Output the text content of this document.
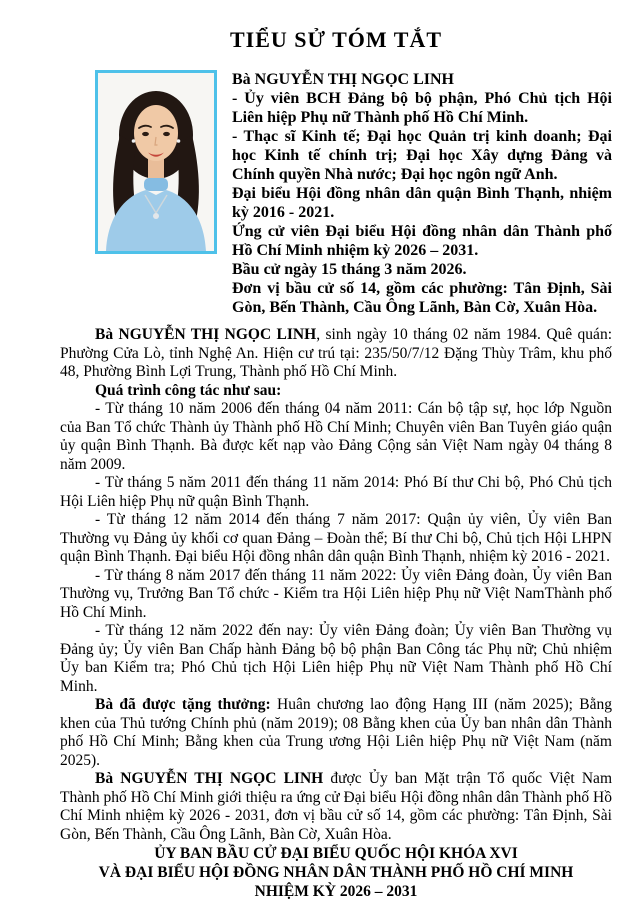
TIỂU SỬ TÓM TẮT

Bà NGUYỄN THỊ NGỌC LINH

- Ủy viên BCH Đảng bộ bộ phận, Phó Chủ tịch Hội Liên hiệp Phụ nữ Thành phố Hồ Chí Minh.

- Thạc sĩ Kinh tế; Đại học Quản trị kinh doanh; Đại học Kinh tế chính trị; Đại học Xây dựng Đảng và Chính quyền Nhà nước; Đại học ngôn ngữ Anh.

Đại biểu Hội đồng nhân dân quận Bình Thạnh, nhiệm kỳ 2016 - 2021.

Ứng cử viên Đại biểu Hội đồng nhân dân Thành phố Hồ Chí Minh nhiệm kỳ 2026 – 2031.

Bầu cử ngày 15 tháng 3 năm 2026.

Đơn vị bầu cử số 14, gồm các phường: Tân Định, Sài Gòn, Bến Thành, Cầu Ông Lãnh, Bàn Cờ, Xuân Hòa.

Bà NGUYỄN THỊ NGỌC LINH, sinh ngày 10 tháng 02 năm 1984. Quê quán: Phường Cửa Lò, tỉnh Nghệ An. Hiện cư trú tại: 235/50/7/12 Đặng Thùy Trâm, khu phố 48, Phường Bình Lợi Trung, Thành phố Hồ Chí Minh.

Quá trình công tác như sau:

- Từ tháng 10 năm 2006 đến tháng 04 năm 2011: Cán bộ tập sự, học lớp Nguồn của Ban Tổ chức Thành ủy Thành phố Hồ Chí Minh; Chuyên viên Ban Tuyên giáo quận ủy quận Bình Thạnh. Bà được kết nạp vào Đảng Cộng sản Việt Nam ngày 04 tháng 8 năm 2009.

- Từ tháng 5 năm 2011 đến tháng 11 năm 2014: Phó Bí thư Chi bộ, Phó Chủ tịch Hội Liên hiệp Phụ nữ quận Bình Thạnh.

- Từ tháng 12 năm 2014 đến tháng 7 năm 2017: Quận ủy viên, Ủy viên Ban Thường vụ Đảng ủy khối cơ quan Đảng – Đoàn thể; Bí thư Chi bộ, Chủ tịch Hội LHPN quận Bình Thạnh. Đại biểu Hội đồng nhân dân quận Bình Thạnh, nhiệm kỳ 2016 - 2021.

- Từ tháng 8 năm 2017 đến tháng 11 năm 2022: Ủy viên Đảng đoàn, Ủy viên Ban Thường vụ, Trưởng Ban Tổ chức - Kiểm tra Hội Liên hiệp Phụ nữ Việt NamThành phố Hồ Chí Minh.

- Từ tháng 12 năm 2022 đến nay: Ủy viên Đảng đoàn; Ủy viên Ban Thường vụ Đảng ủy; Ủy viên Ban Chấp hành Đảng bộ bộ phận Ban Công tác Phụ nữ; Chủ nhiệm Ủy ban Kiểm tra; Phó Chủ tịch Hội Liên hiệp Phụ nữ Việt Nam Thành phố Hồ Chí Minh.

Bà đã được tặng thưởng: Huân chương lao động Hạng III (năm 2025); Bằng khen của Thủ tướng Chính phủ (năm 2019); 08 Bằng khen của Ủy ban nhân dân Thành phố Hồ Chí Minh; Bằng khen của Trung ương Hội Liên hiệp Phụ nữ Việt Nam (năm 2025).

Bà NGUYỄN THỊ NGỌC LINH được Ủy ban Mặt trận Tổ quốc Việt Nam Thành phố Hồ Chí Minh giới thiệu ra ứng cử Đại biểu Hội đồng nhân dân Thành phố Hồ Chí Minh nhiệm kỳ 2026 - 2031, đơn vị bầu cử số 14, gồm các phường: Tân Định, Sài Gòn, Bến Thành, Cầu Ông Lãnh, Bàn Cờ, Xuân Hòa.

ỦY BAN BẦU CỬ ĐẠI BIỂU QUỐC HỘI KHÓA XVI
VÀ ĐẠI BIỂU HỘI ĐỒNG NHÂN DÂN THÀNH PHỐ HỒ CHÍ MINH
NHIỆM KỲ 2026 – 2031
